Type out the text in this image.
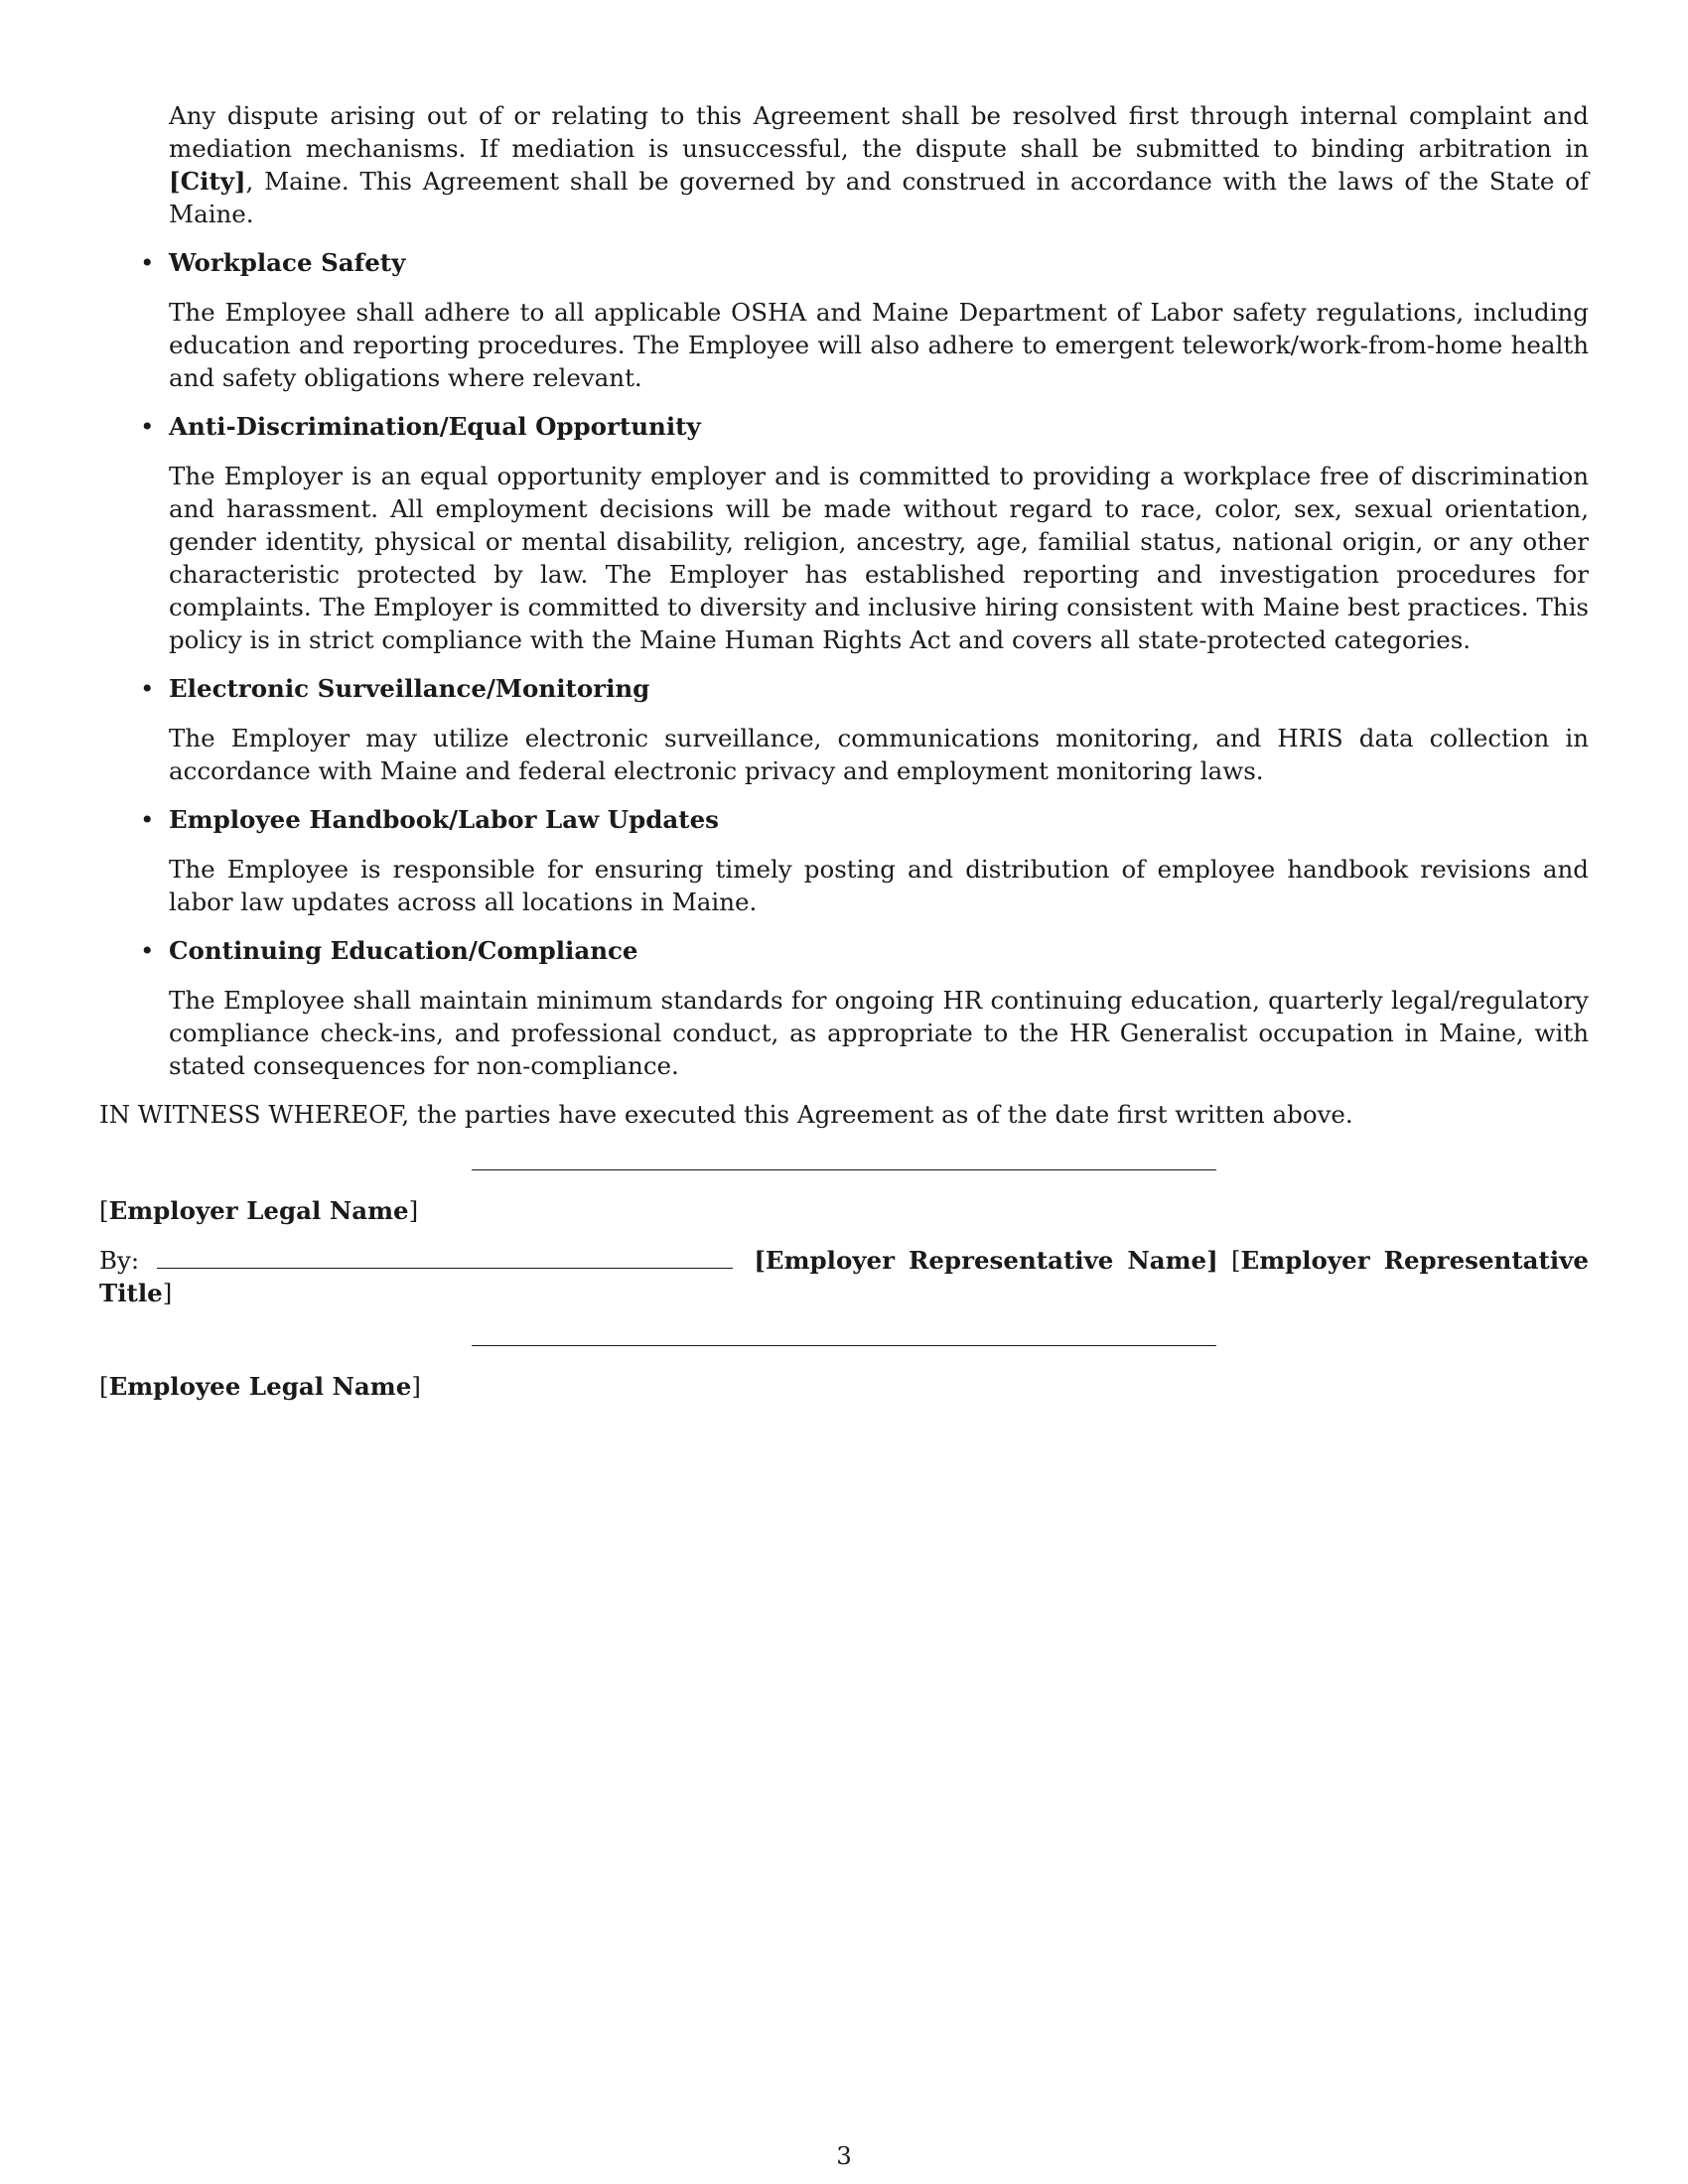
Any dispute arising out of or relating to this Agreement shall be resolved first through internal complaint and mediation mechanisms. If mediation is unsuccessful, the dispute shall be submitted to binding arbitration in [City], Maine. This Agreement shall be governed by and construed in accordance with the laws of the State of Maine.

• Workplace Safety

The Employee shall adhere to all applicable OSHA and Maine Department of Labor safety regulations, including education and reporting procedures. The Employee will also adhere to emergent telework/work-from-home health and safety obligations where relevant.

• Anti-Discrimination/Equal Opportunity

The Employer is an equal opportunity employer and is committed to providing a workplace free of discrimination and harassment. All employment decisions will be made without regard to race, color, sex, sexual orientation, gender identity, physical or mental disability, religion, ancestry, age, familial status, national origin, or any other characteristic protected by law. The Employer has established reporting and investigation procedures for complaints. The Employer is committed to diversity and inclusive hiring consistent with Maine best practices. This policy is in strict compliance with the Maine Human Rights Act and covers all state-protected categories.

• Electronic Surveillance/Monitoring

The Employer may utilize electronic surveillance, communications monitoring, and HRIS data collection in accordance with Maine and federal electronic privacy and employment monitoring laws.

• Employee Handbook/Labor Law Updates

The Employee is responsible for ensuring timely posting and distribution of employee handbook revisions and labor law updates across all locations in Maine.

• Continuing Education/Compliance

The Employee shall maintain minimum standards for ongoing HR continuing education, quarterly legal/regulatory compliance check-ins, and professional conduct, as appropriate to the HR Generalist occupation in Maine, with stated consequences for non-compliance.

IN WITNESS WHEREOF, the parties have executed this Agreement as of the date first written above.

[Employer Legal Name]

By:	[Employer Representative Name] [Employer Representative Title]

[Employee Legal Name]

3
